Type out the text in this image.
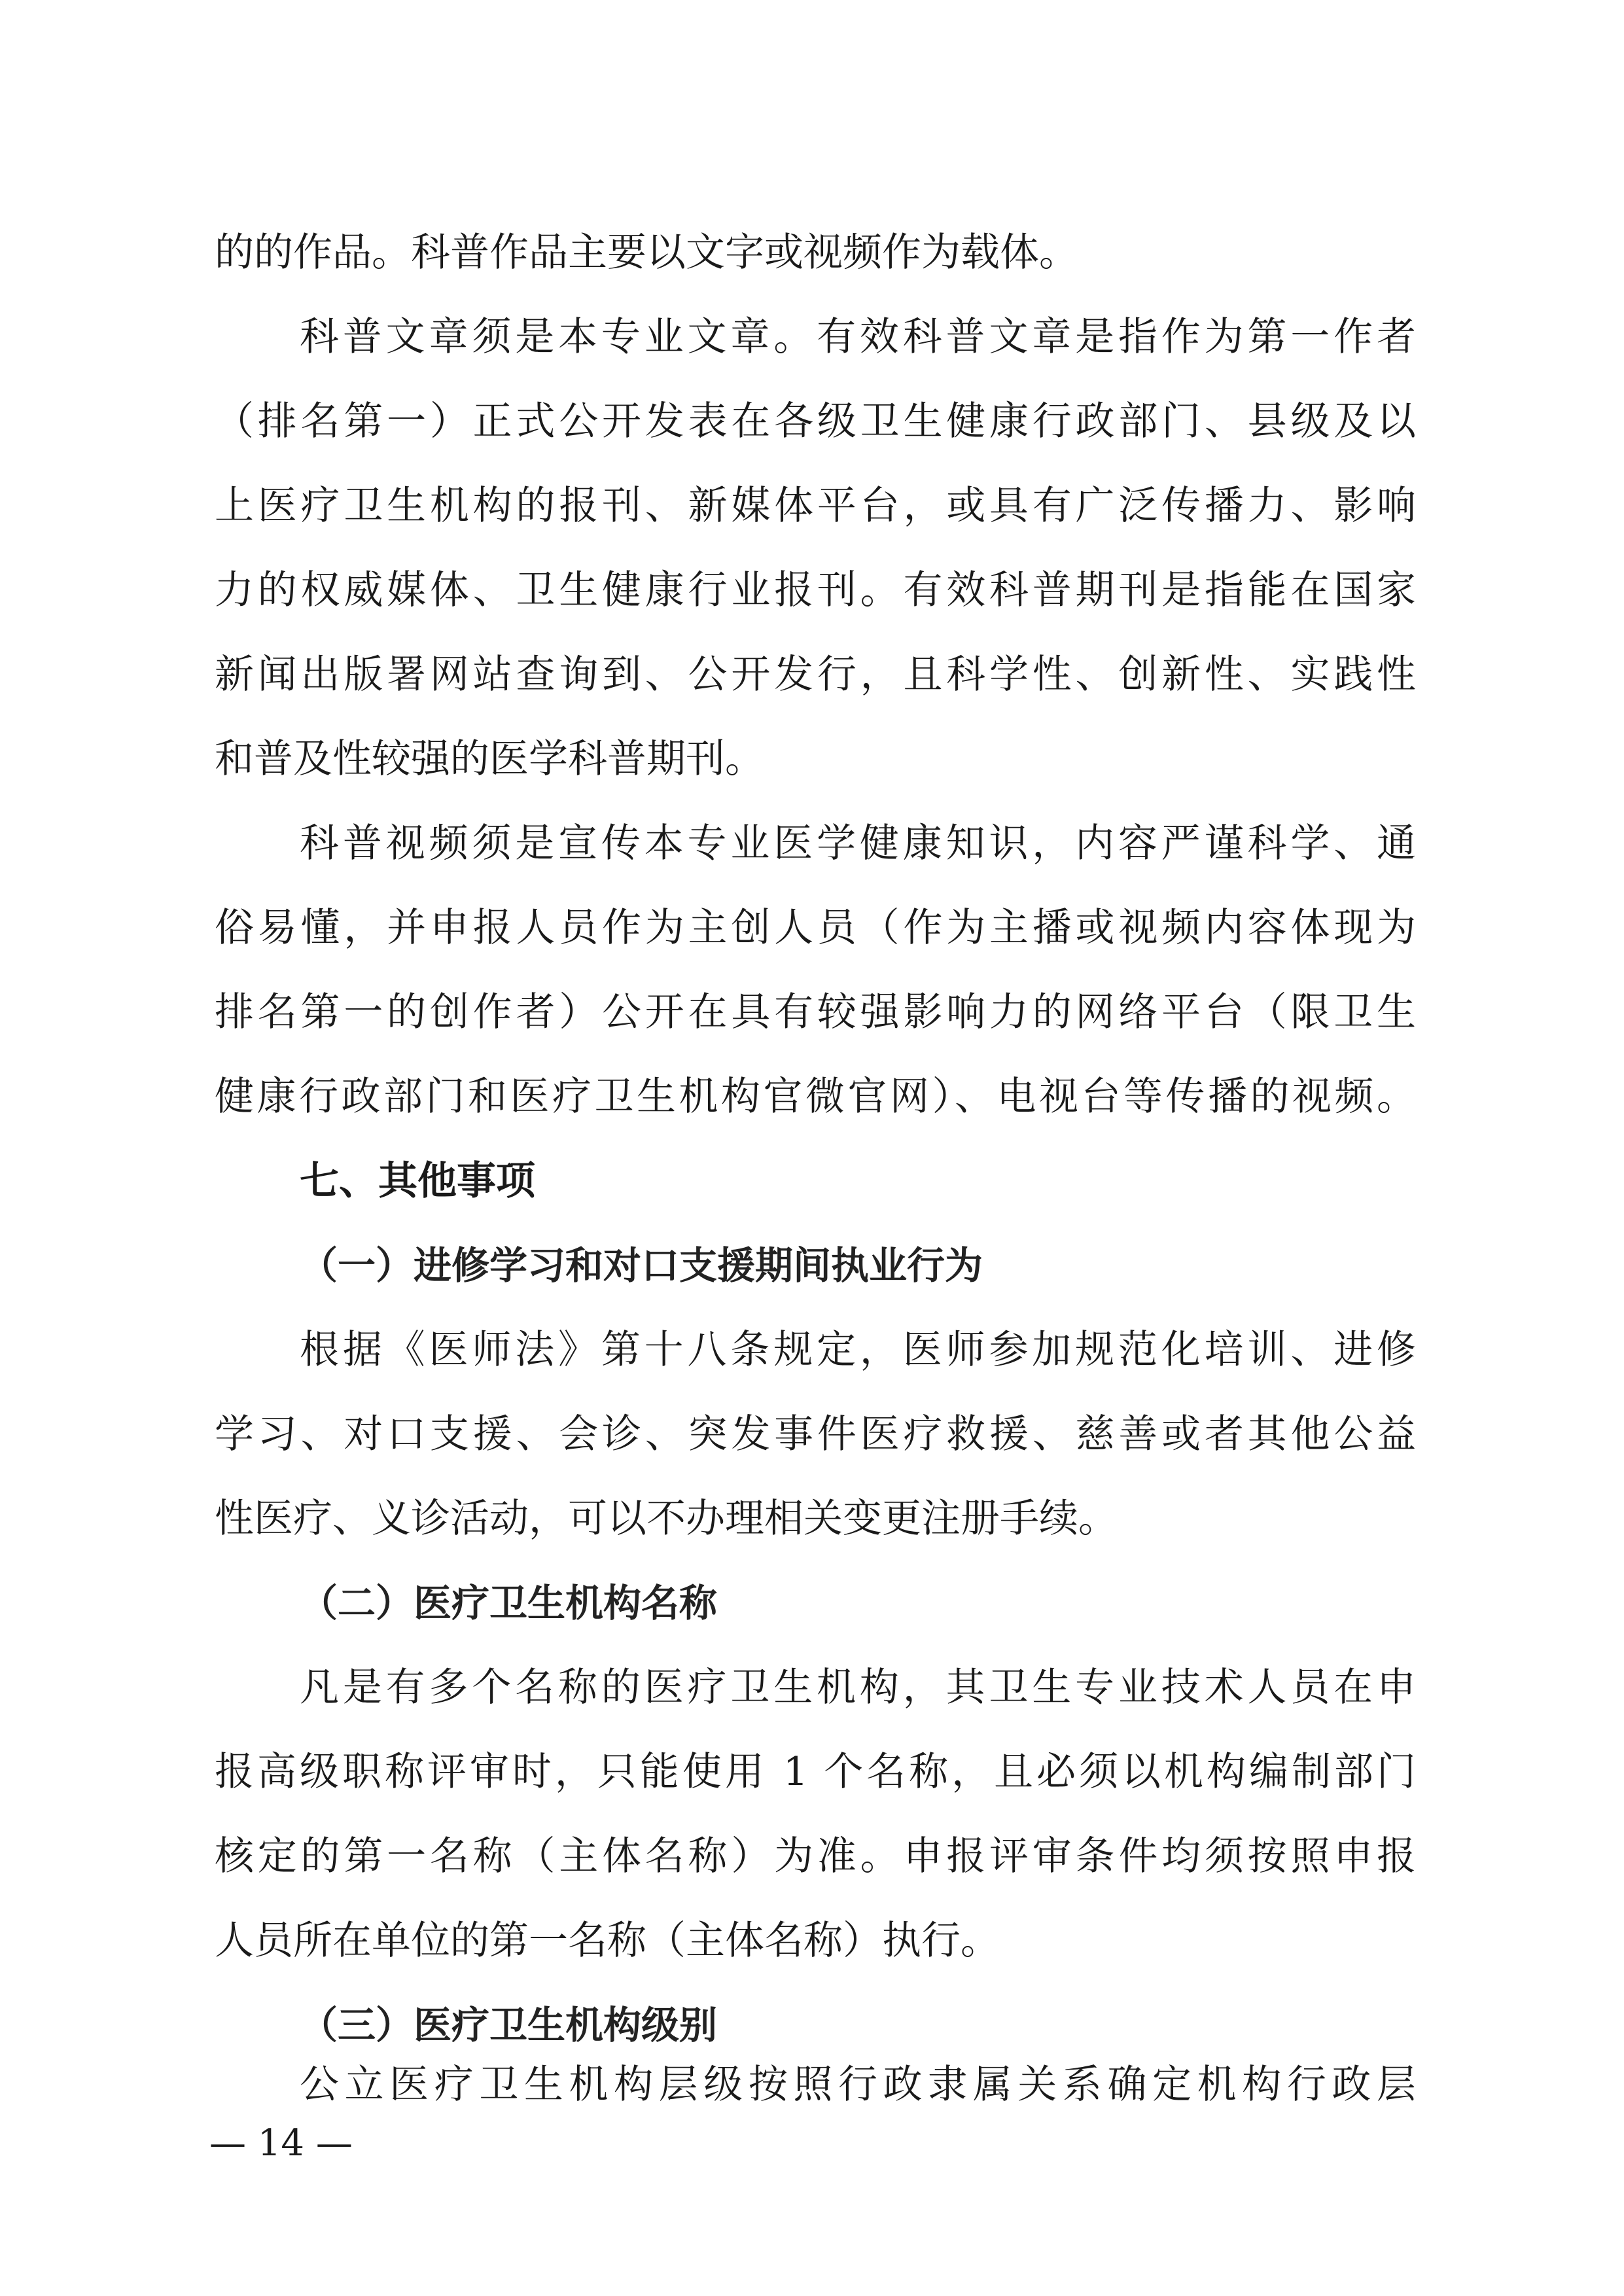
的的作品。科普作品主要以文字或视频作为载体。
科普文章须是本专业文章。有效科普文章是指作为第一作者
（排名第一）正式公开发表在各级卫生健康行政部门、县级及以
上医疗卫生机构的报刊、新媒体平台，或具有广泛传播力、影响
力的权威媒体、卫生健康行业报刊。有效科普期刊是指能在国家
新闻出版署网站查询到、公开发行，且科学性、创新性、实践性
和普及性较强的医学科普期刊。
科普视频须是宣传本专业医学健康知识，内容严谨科学、通
俗易懂，并申报人员作为主创人员（作为主播或视频内容体现为
排名第一的创作者）公开在具有较强影响力的网络平台（限卫生
健康行政部门和医疗卫生机构官微官网）、电视台等传播的视频。
七、其他事项
（一）进修学习和对口支援期间执业行为
根据《医师法》第十八条规定，医师参加规范化培训、进修
学习、对口支援、会诊、突发事件医疗救援、慈善或者其他公益
性医疗、义诊活动，可以不办理相关变更注册手续。
（二）医疗卫生机构名称
凡是有多个名称的医疗卫生机构，其卫生专业技术人员在申
报高级职称评审时，只能使用 1 个名称，且必须以机构编制部门
核定的第一名称（主体名称）为准。申报评审条件均须按照申报
人员所在单位的第一名称（主体名称）执行。
（三）医疗卫生机构级别
公立医疗卫生机构层级按照行政隶属关系确定机构行政层
— 14 —
